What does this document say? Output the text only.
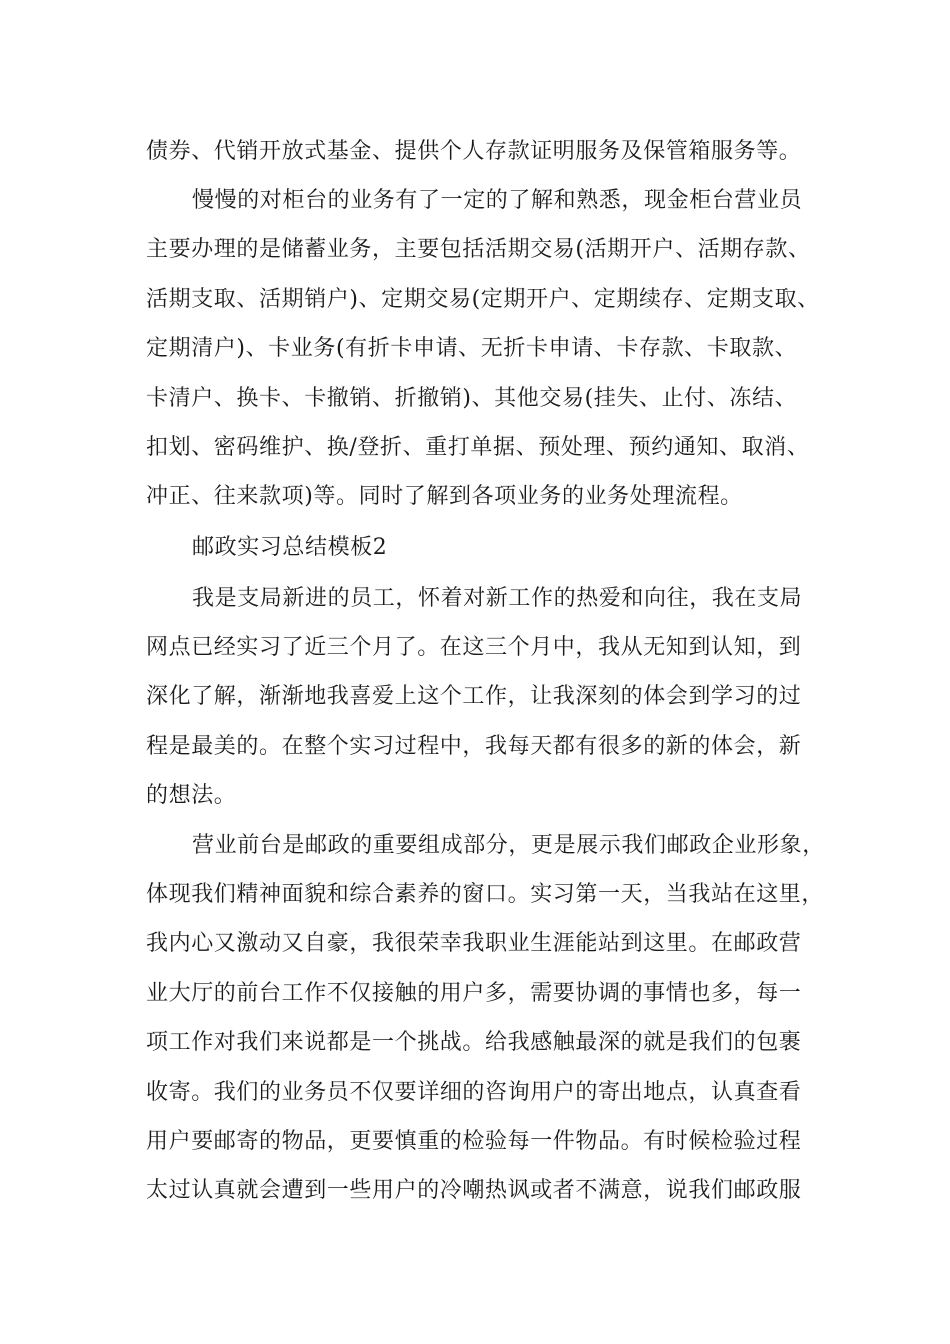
债券、代销开放式基金、提供个人存款证明服务及保管箱服务等。

慢慢的对柜台的业务有了一定的了解和熟悉，现金柜台营业员

主要办理的是储蓄业务，主要包括活期交易(活期开户、活期存款、

活期支取、活期销户)、定期交易(定期开户、定期续存、定期支取、

定期清户)、卡业务(有折卡申请、无折卡申请、卡存款、卡取款、

卡清户、换卡、卡撤销、折撤销)、其他交易(挂失、止付、冻结、

扣划、密码维护、换/登折、重打单据、预处理、预约通知、取消、

冲正、往来款项)等。同时了解到各项业务的业务处理流程。

邮政实习总结模板2

我是支局新进的员工，怀着对新工作的热爱和向往，我在支局

网点已经实习了近三个月了。在这三个月中，我从无知到认知，到

深化了解，渐渐地我喜爱上这个工作，让我深刻的体会到学习的过

程是最美的。在整个实习过程中，我每天都有很多的新的体会，新

的想法。

营业前台是邮政的重要组成部分，更是展示我们邮政企业形象，

体现我们精神面貌和综合素养的窗口。实习第一天，当我站在这里，

我内心又激动又自豪，我很荣幸我职业生涯能站到这里。在邮政营

业大厅的前台工作不仅接触的用户多，需要协调的事情也多，每一

项工作对我们来说都是一个挑战。给我感触最深的就是我们的包裹

收寄。我们的业务员不仅要详细的咨询用户的寄出地点，认真查看

用户要邮寄的物品，更要慎重的检验每一件物品。有时候检验过程

太过认真就会遭到一些用户的冷嘲热讽或者不满意，说我们邮政服
